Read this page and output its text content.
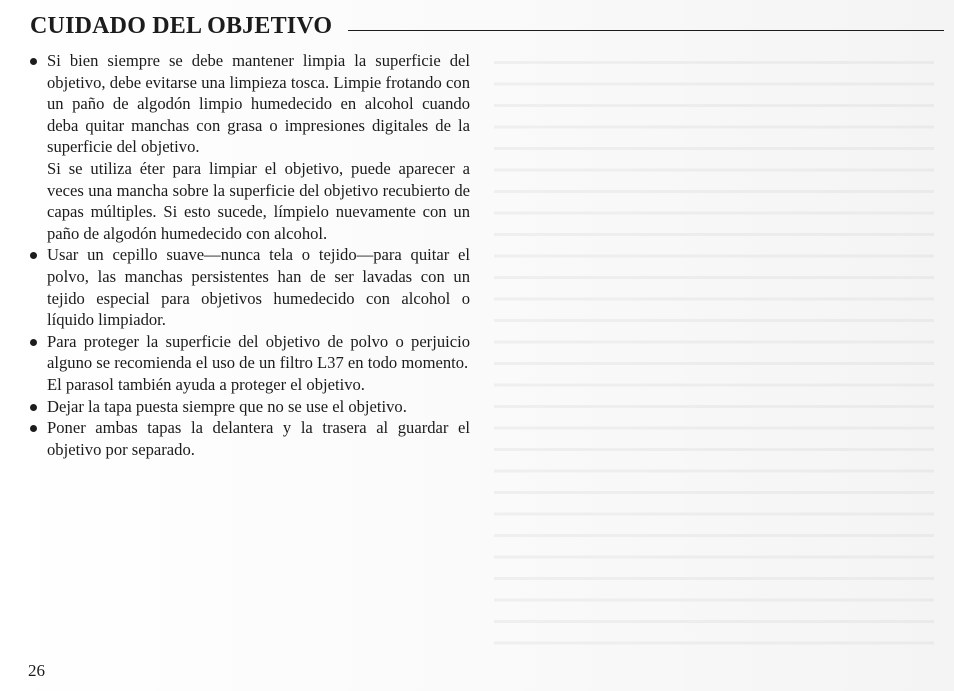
CUIDADO DEL OBJETIVO
Si bien siempre se debe mantener limpia la superficie del objetivo, debe evitarse una limpieza tosca. Limpie frotando con un paño de algodón limpio humedecido en alcohol cuando deba quitar manchas con grasa o impresiones digitales de la superficie del objetivo.
Si se utiliza éter para limpiar el objetivo, puede aparecer a veces una mancha sobre la superficie del objetivo recubierto de capas múltiples. Si esto sucede, límpielo nuevamente con un paño de algodón humedecido con alcohol.
Usar un cepillo suave—nunca tela o tejido—para quitar el polvo, las manchas persistentes han de ser lavadas con un tejido especial para objetivos humedecido con alcohol o líquido limpiador.
Para proteger la superficie del objetivo de polvo o perjuicio alguno se recomienda el uso de un filtro L37 en todo momento.
El parasol también ayuda a proteger el objetivo.
Dejar la tapa puesta siempre que no se use el objetivo.
Poner ambas tapas la delantera y la trasera al guardar el objetivo por separado.
26
